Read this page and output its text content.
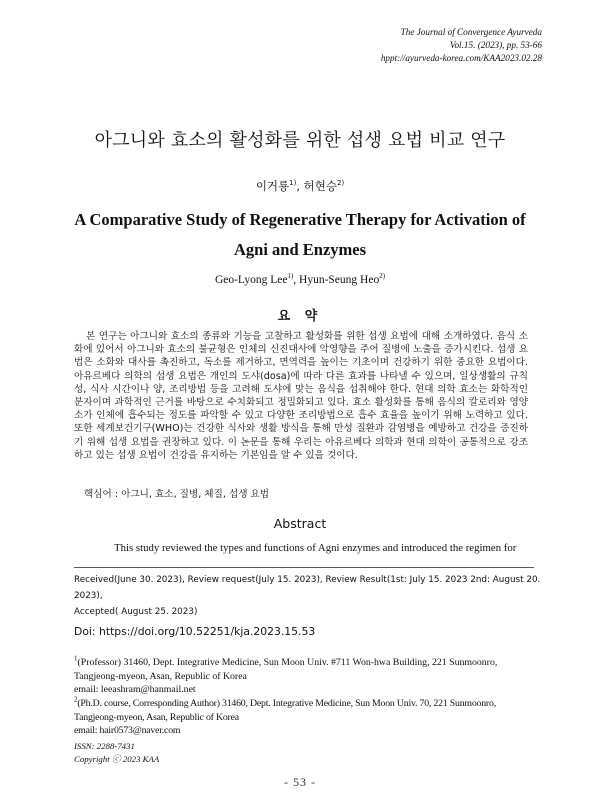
The Journal of Convergence Ayurveda
Vol.15. (2023), pp. 53-66
hppt://ayurveda-korea.com/KAA2023.02.28
아그니와 효소의 활성화를 위한 섭생 요법 비교 연구
이거룡$^{1)}$, 허현승$^{2)}$
A Comparative Study of Regenerative Therapy for Activation of Agni and Enzymes
Geo-Lyong Lee$^{1)}$, Hyun-Seung Heo$^{2)}$
요 약

본 연구는 아그니와 효소의 종류와 기능을 고찰하고 활성화를 위한 섭생 요법에 대해 소개하였다. 음식 소화에 있어서 아그니와 효소의 불균형은 인체의 신진대사에 악영향을 주어 질병에 노출을 증가시킨다. 섭생 요법은 소화와 대사를 촉진하고, 독소를 제거하고, 면역력을 높이는 기초이며 건강하기 위한 중요한 요법이다. 아유르베다 의학의 섭생 요법은 개인의 도샤(dosa)에 따라 다른 효과를 나타낼 수 있으며, 일상생활의 규칙성, 식사 시간이나 양, 조리방법 등을 고려해 도샤에 맞는 음식을 섭취해야 한다. 현대 의학 효소는 화학적인 분자이며 과학적인 근거를 바탕으로 수치화되고 정밀화되고 있다. 효소 활성화를 통해 음식의 칼로리와 영양소가 인체에 흡수되는 정도를 파악할 수 있고 다양한 조리방법으로 흡수 효율을 높이기 위해 노력하고 있다. 또한 세계보건기구(WHO)는 건강한 식사와 생활 방식을 통해 만성 질환과 감염병을 예방하고 건강을 증진하기 위해 섭생 요법을 권장하고 있다. 이 논문을 통해 우리는 아유르베다 의학과 현대 의학이 공통적으로 강조하고 있는 섭생 요법이 건강을 유지하는 기본임을 알 수 있을 것이다.

핵심어 : 아그니, 효소, 질병, 체질, 섭생 요법
Abstract
This study reviewed the types and functions of Agni enzymes and introduced the regimen for
Received(June 30. 2023), Review request(July 15. 2023), Review Result(1st: July 15. 2023 2nd: August 20. 2023),
Accepted( August 25. 2023)
Doi: https://doi.org/10.52251/kja.2023.15.53
$^1$(Professor) 31460, Dept. Integrative Medicine, Sun Moon Univ. #711 Won-hwa Building, 221 Sunmoonro,
Tangjeong-myeon, Asan, Republic of Korea
email: leeashram@hanmail.net
$^2$(Ph.D. course, Corresponding Author) 31460, Dept. Integrative Medicine, Sun Moon Univ. 70, 221 Sunmoonro,
Tangjeong-myeon, Asan, Republic of Korea
email: hair0573@naver.com
ISSN: 2288-7431
Copyright ⓒ 2023 KAA
- 53 -
